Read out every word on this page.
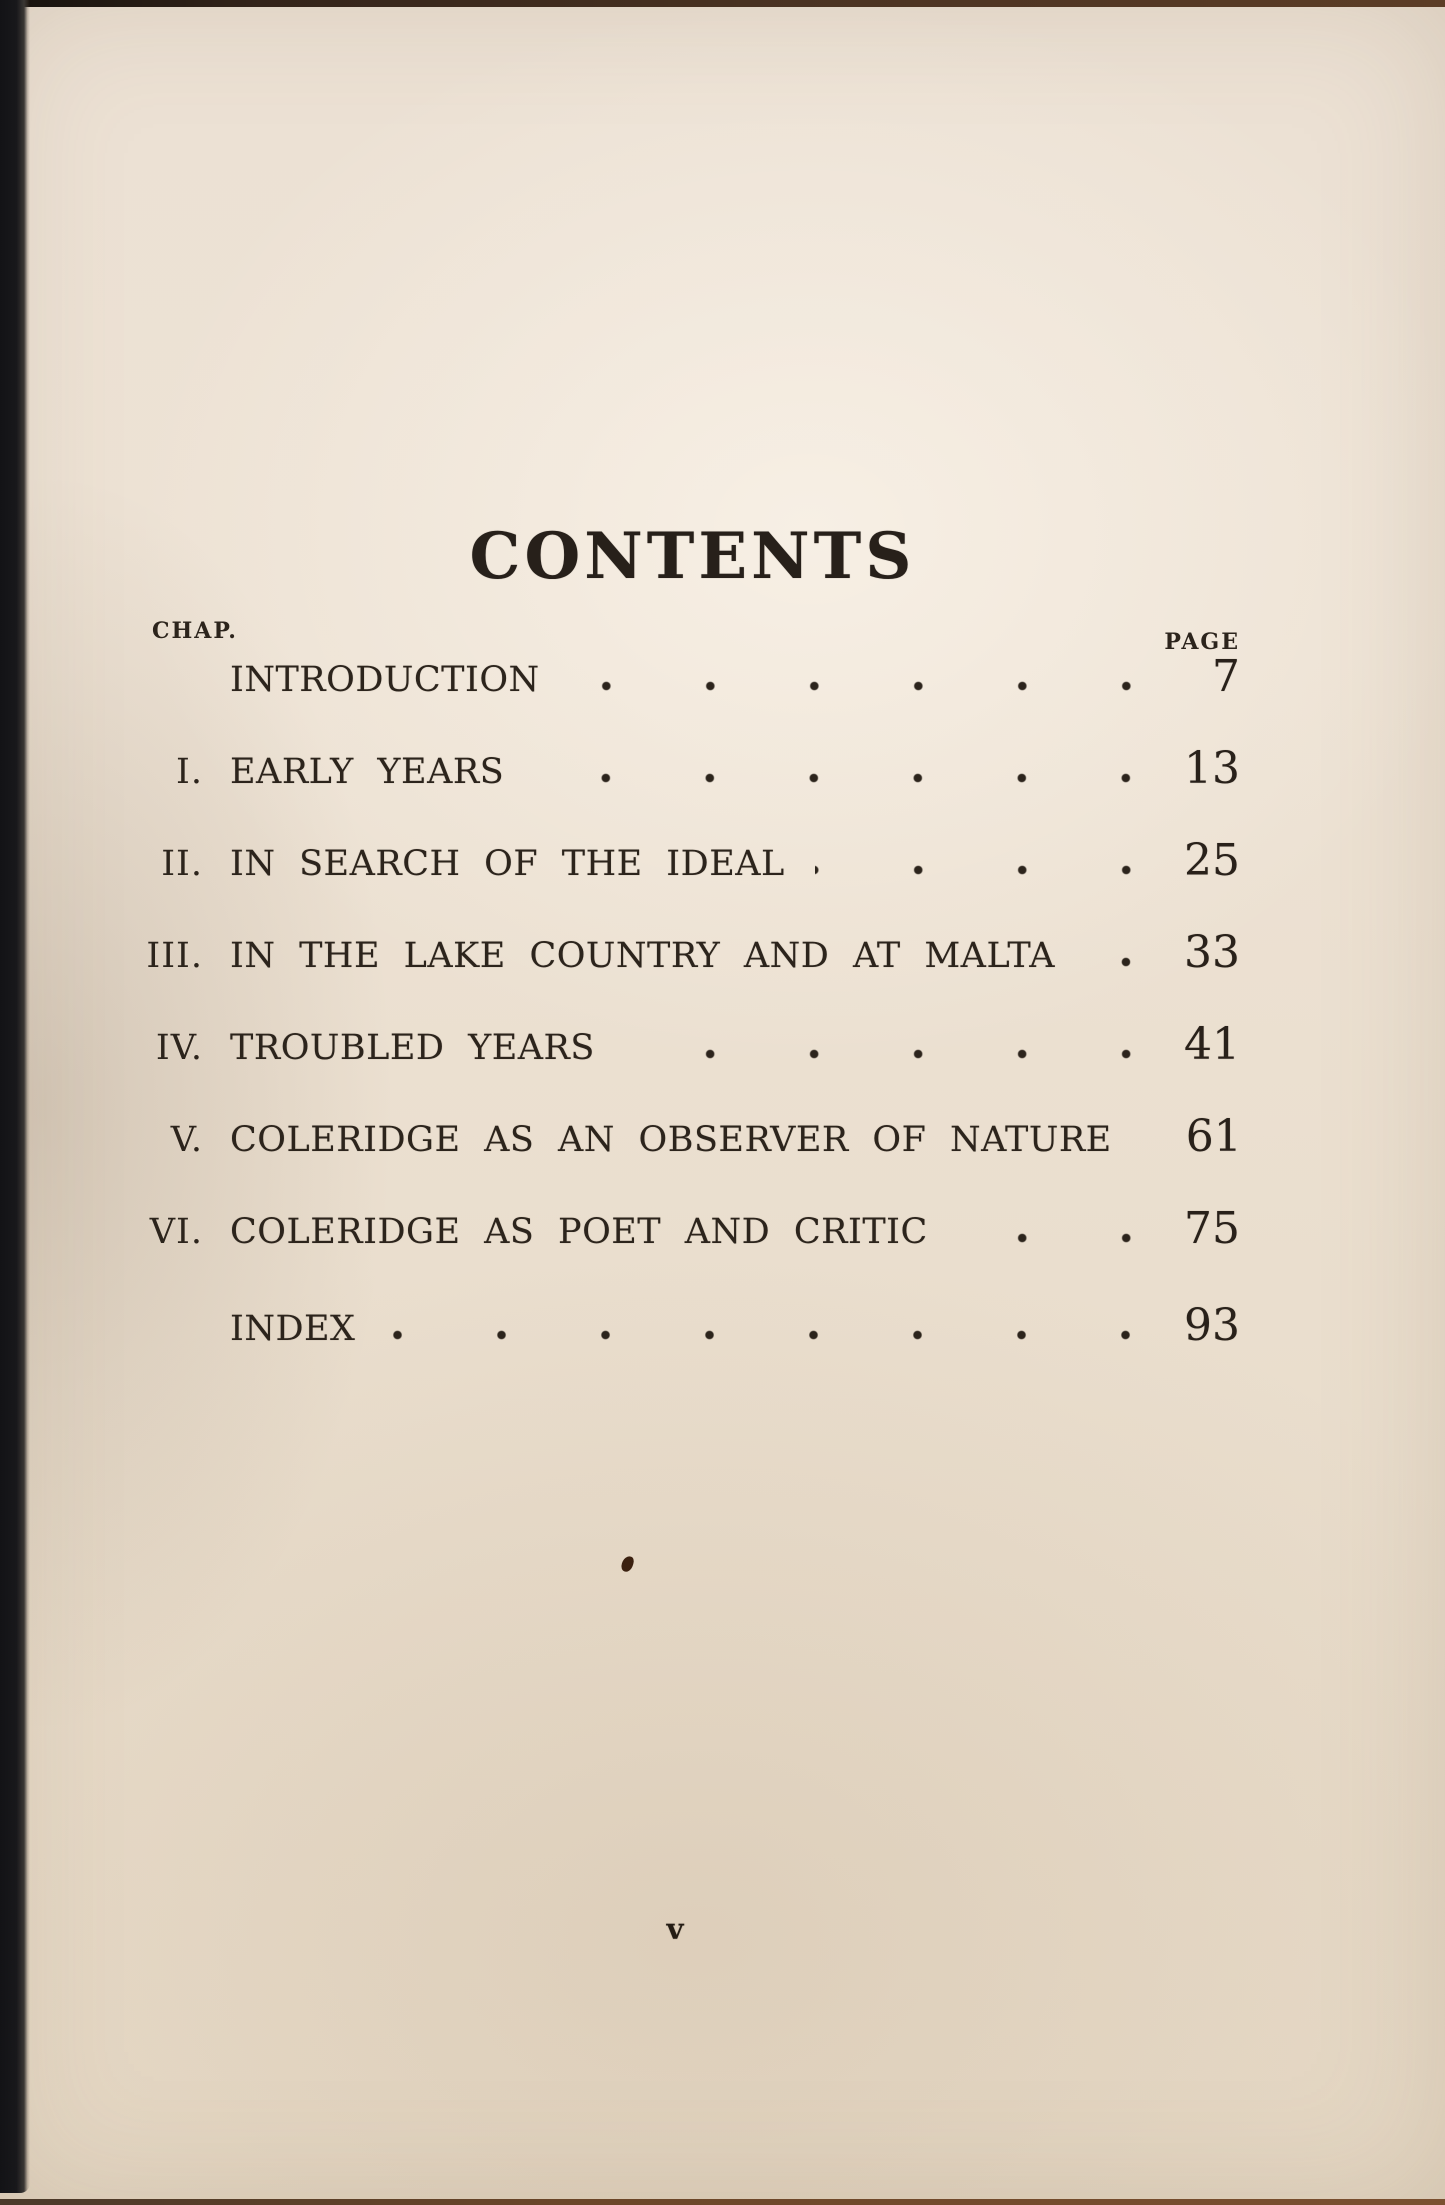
CONTENTS
CHAP.	PAGE
INTRODUCTION	7
I. EARLY YEARS	13
II. IN SEARCH OF THE IDEAL	25
III. IN THE LAKE COUNTRY AND AT MALTA	33
IV. TROUBLED YEARS	41
V. COLERIDGE AS AN OBSERVER OF NATURE	61
VI. COLERIDGE AS POET AND CRITIC	75
INDEX	93
v
